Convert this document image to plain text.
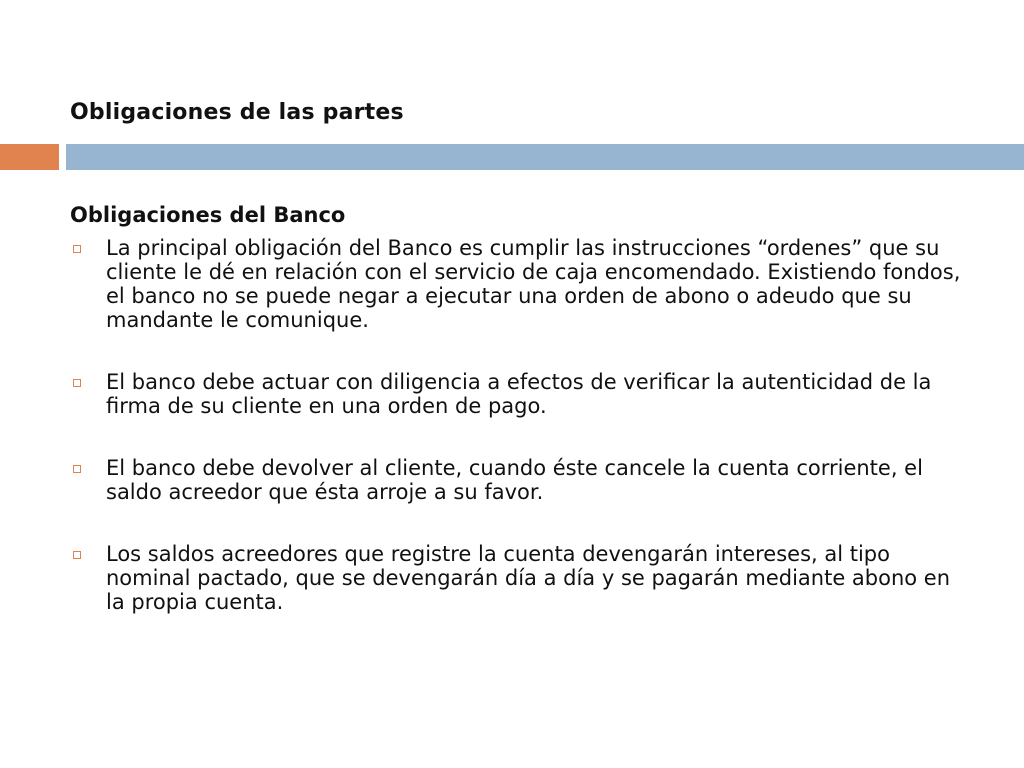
Obligaciones de las partes
Obligaciones del Banco
La principal obligación del Banco es cumplir las instrucciones “ordenes” que su cliente le dé en relación con el servicio de caja encomendado. Existiendo fondos, el banco no se puede negar a ejecutar una orden de abono o adeudo que su mandante le comunique.
El banco debe actuar con diligencia a efectos de verificar la autenticidad de la firma de su cliente en una orden de pago.
El banco debe devolver al cliente, cuando éste cancele la cuenta corriente, el saldo acreedor que ésta arroje a su favor.
Los saldos acreedores que registre la cuenta devengarán intereses, al tipo nominal pactado, que se devengarán día a día y se pagarán mediante abono en la propia cuenta.
